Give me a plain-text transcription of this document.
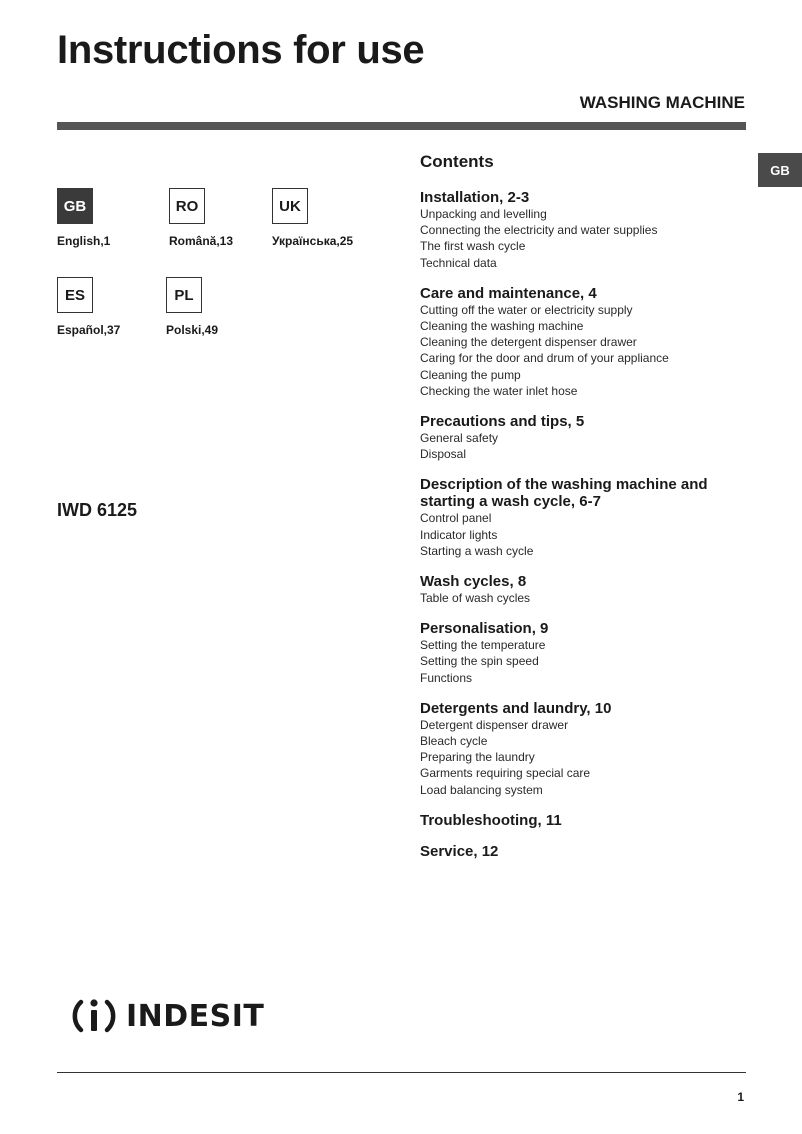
Instructions for use
WASHING MACHINE
GB
GB
English,1
RO
Română,13
UK
Українська,25
ES
Español,37
PL
Polski,49
IWD 6125
Contents
Installation, 2-3
Unpacking and levelling
Connecting the electricity and water supplies
The first wash cycle
Technical data
Care and maintenance, 4
Cutting off the water or electricity supply
Cleaning the washing machine
Cleaning the detergent dispenser drawer
Caring for the door and drum of your appliance
Cleaning the pump
Checking the water inlet hose
Precautions and tips, 5
General safety
Disposal
Description of the washing machine and starting a wash cycle, 6-7
Control panel
Indicator lights
Starting a wash cycle
Wash cycles, 8
Table of wash cycles
Personalisation, 9
Setting the temperature
Setting the spin speed
Functions
Detergents and laundry, 10
Detergent dispenser drawer
Bleach cycle
Preparing the laundry
Garments requiring special care
Load balancing system
Troubleshooting, 11
Service, 12
INDESIT
1
